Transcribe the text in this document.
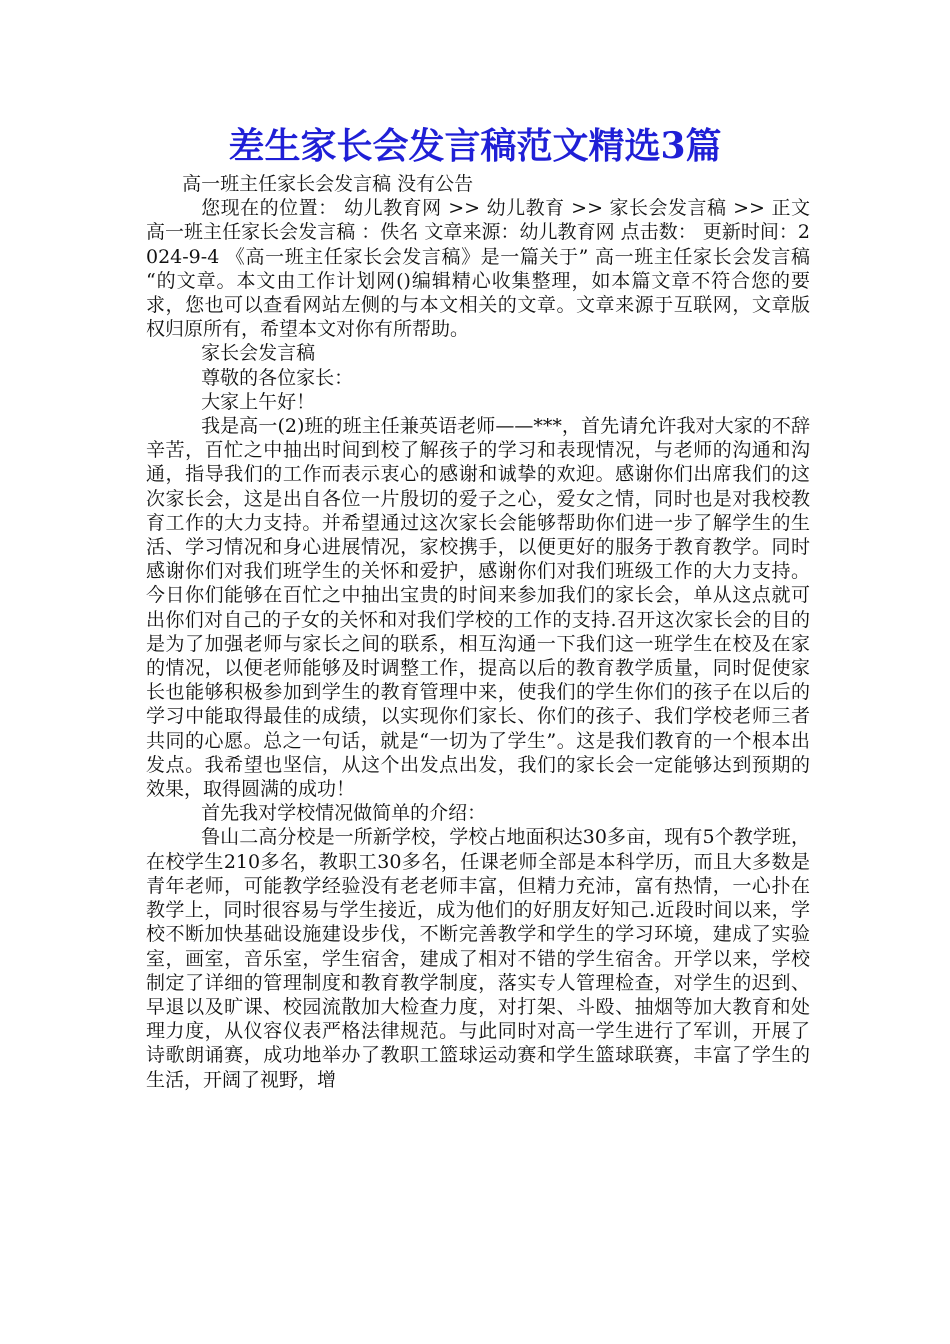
差生家长会发言稿范文精选3篇

高一班主任家长会发言稿 没有公告

您现在的位置： 幼儿教育网 >> 幼儿教育 >> 家长会发言稿 >> 正文 高一班主任家长会发言稿 ：佚名 文章来源：幼儿教育网 点击数： 更新时间：2024-9-4 《高一班主任家长会发言稿》是一篇关于” 高一班主任家长会发言稿 “的文章。本文由工作计划网()编辑精心收集整理，如本篇文章不符合您的要求，您也可以查看网站左侧的与本文相关的文章。文章来源于互联网，文章版权归原所有，希望本文对你有所帮助。

家长会发言稿

尊敬的各位家长：

大家上午好！

我是高一(2)班的班主任兼英语老师——***，首先请允许我对大家的不辞辛苦，百忙之中抽出时间到校了解孩子的学习和表现情况，与老师的沟通和沟通，指导我们的工作而表示衷心的感谢和诚挚的欢迎。感谢你们出席我们的这次家长会，这是出自各位一片殷切的爱子之心，爱女之情，同时也是对我校教育工作的大力支持。并希望通过这次家长会能够帮助你们进一步了解学生的生活、学习情况和身心进展情况，家校携手，以便更好的服务于教育教学。同时感谢你们对我们班学生的关怀和爱护，感谢你们对我们班级工作的大力支持。今日你们能够在百忙之中抽出宝贵的时间来参加我们的家长会，单从这点就可出你们对自己的子女的关怀和对我们学校的工作的支持.召开这次家长会的目的是为了加强老师与家长之间的联系，相互沟通一下我们这一班学生在校及在家的情况，以便老师能够及时调整工作，提高以后的教育教学质量，同时促使家长也能够积极参加到学生的教育管理中来，使我们的学生你们的孩子在以后的学习中能取得最佳的成绩，以实现你们家长、你们的孩子、我们学校老师三者共同的心愿。总之一句话，就是“一切为了学生”。这是我们教育的一个根本出发点。我希望也坚信，从这个出发点出发，我们的家长会一定能够达到预期的效果，取得圆满的成功！

首先我对学校情况做简单的介绍：

鲁山二高分校是一所新学校，学校占地面积达30多亩，现有5个教学班，在校学生210多名，教职工30多名，任课老师全部是本科学历，而且大多数是青年老师，可能教学经验没有老老师丰富，但精力充沛，富有热情，一心扑在教学上，同时很容易与学生接近，成为他们的好朋友好知己.近段时间以来，学校不断加快基础设施建设步伐，不断完善教学和学生的学习环境，建成了实验室，画室，音乐室，学生宿舍，建成了相对不错的学生宿舍。开学以来，学校制定了详细的管理制度和教育教学制度，落实专人管理检查，对学生的迟到、早退以及旷课、校园流散加大检查力度，对打架、斗殴、抽烟等加大教育和处理力度，从仪容仪表严格法律规范。与此同时对高一学生进行了军训，开展了诗歌朗诵赛，成功地举办了教职工篮球运动赛和学生篮球联赛，丰富了学生的生活，开阔了视野，增
